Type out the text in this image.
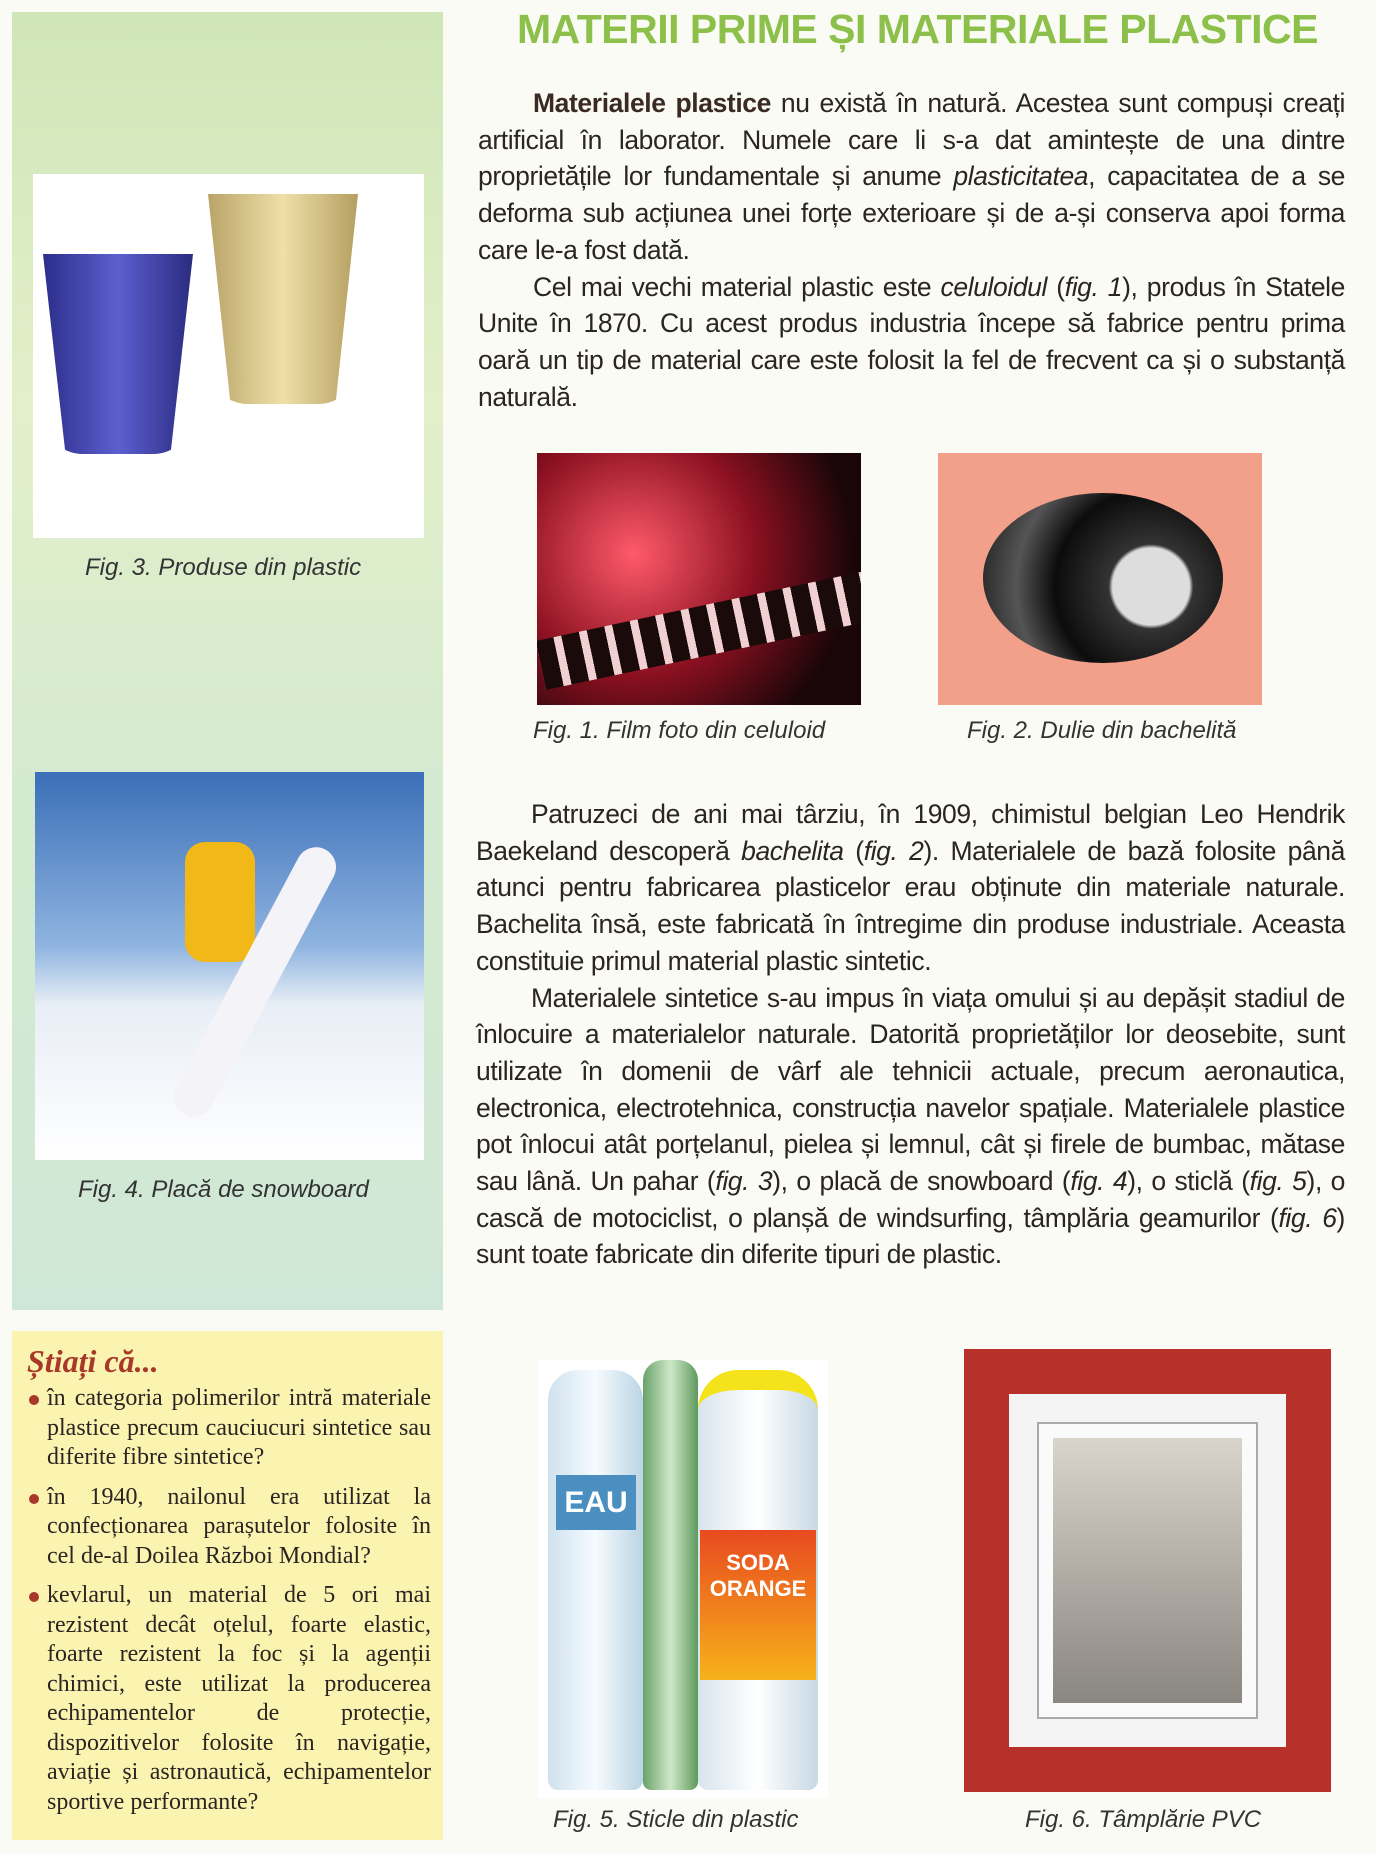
Fig. 3. Produse din plastic
Fig. 4. Placă de snowboard
Știați că...
în categoria polimerilor intră materiale plastice precum cauciucuri sintetice sau diferite fibre sintetice?
în 1940, nailonul era utilizat la confecționarea parașutelor folosite în cel de-al Doilea Război Mondial?
kevlarul, un material de 5 ori mai rezistent decât oțelul, foarte elastic, foarte rezistent la foc și la agenții chimici, este utilizat la producerea echipamentelor de protecție, dispozitivelor folosite în navigație, aviație și astronautică, echipamentelor sportive performante?
MATERII PRIME ȘI MATERIALE PLASTICE

Materialele plastice nu există în natură. Acestea sunt compuși creați artificial în laborator. Numele care li s-a dat amintește de una dintre proprietățile lor fundamentale și anume plasticitatea, capacitatea de a se deforma sub acțiunea unei forțe exterioare și de a-și conserva apoi forma care le-a fost dată.

Cel mai vechi material plastic este celuloidul (fig. 1), produs în Statele Unite în 1870. Cu acest produs industria începe să fabrice pentru prima oară un tip de material care este folosit la fel de frecvent ca și o substanță naturală.

Fig. 1. Film foto din celuloid	Fig. 2. Dulie din bachelită

Patruzeci de ani mai târziu, în 1909, chimistul belgian Leo Hendrik Baekeland descoperă bachelita (fig. 2). Materialele de bază folosite până atunci pentru fabricarea plasticelor erau obținute din materiale naturale. Bachelita însă, este fabricată în întregime din produse industriale. Aceasta constituie primul material plastic sintetic.

Materialele sintetice s-au impus în viața omului și au depășit stadiul de înlocuire a materialelor naturale. Datorită proprietăților lor deosebite, sunt utilizate în domenii de vârf ale tehnicii actuale, precum aeronautica, electronica, electrotehnica, construcția navelor spațiale. Materialele plastice pot înlocui atât porțelanul, pielea și lemnul, cât și firele de bumbac, mătase sau lână. Un pahar (fig. 3), o placă de snowboard (fig. 4), o sticlă (fig. 5), o cască de motociclist, o planșă de windsurfing, tâmplăria geamurilor (fig. 6) sunt toate fabricate din diferite tipuri de plastic.

EAU
SODA ORANGE
Fig. 5. Sticle din plastic	Fig. 6. Tâmplărie PVC
